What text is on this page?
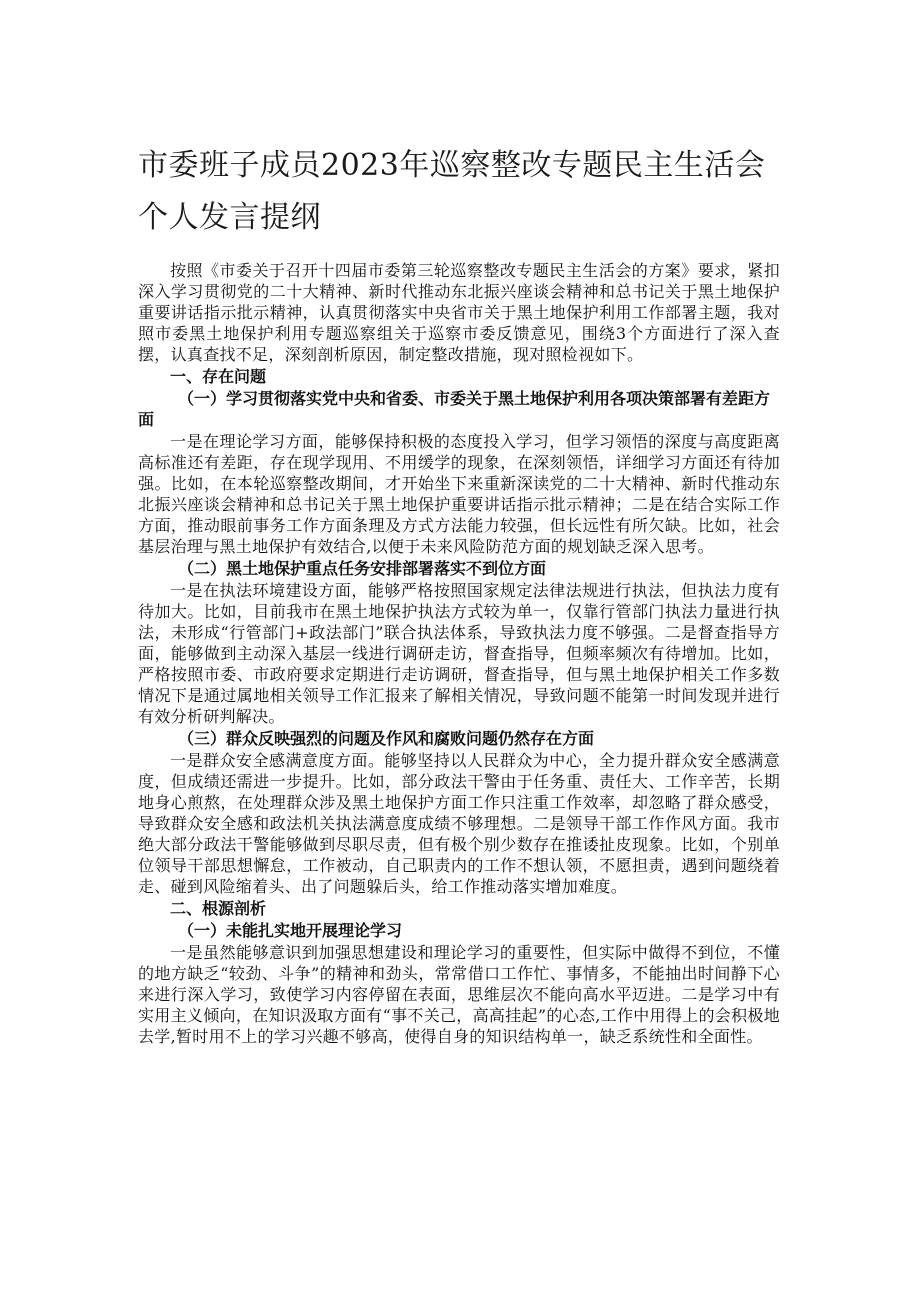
市委班子成员2023年巡察整改专题民主生活会个人发言提纲

按照《市委关于召开十四届市委第三轮巡察整改专题民主生活会的方案》要求，紧扣深入学习贯彻党的二十大精神、新时代推动东北振兴座谈会精神和总书记关于黑土地保护重要讲话指示批示精神，认真贯彻落实中央省市关于黑土地保护利用工作部署主题，我对照市委黑土地保护利用专题巡察组关于巡察市委反馈意见，围绕3个方面进行了深入查摆，认真查找不足，深刻剖析原因，制定整改措施，现对照检视如下。

一、存在问题

（一）学习贯彻落实党中央和省委、市委关于黑土地保护利用各项决策部署有差距方面

一是在理论学习方面，能够保持积极的态度投入学习，但学习领悟的深度与高度距离高标准还有差距，存在现学现用、不用缓学的现象，在深刻领悟，详细学习方面还有待加强。比如，在本轮巡察整改期间，才开始坐下来重新深读党的二十大精神、新时代推动东北振兴座谈会精神和总书记关于黑土地保护重要讲话指示批示精神；二是在结合实际工作方面，推动眼前事务工作方面条理及方式方法能力较强，但长远性有所欠缺。比如，社会基层治理与黑土地保护有效结合,以便于未来风险防范方面的规划缺乏深入思考。

（二）黑土地保护重点任务安排部署落实不到位方面

一是在执法环境建设方面，能够严格按照国家规定法律法规进行执法，但执法力度有待加大。比如，目前我市在黑土地保护执法方式较为单一，仅靠行管部门执法力量进行执法，未形成“行管部门+政法部门”联合执法体系，导致执法力度不够强。二是督查指导方面，能够做到主动深入基层一线进行调研走访，督查指导，但频率频次有待增加。比如，严格按照市委、市政府要求定期进行走访调研，督查指导，但与黑土地保护相关工作多数情况下是通过属地相关领导工作汇报来了解相关情况，导致问题不能第一时间发现并进行有效分析研判解决。

（三）群众反映强烈的问题及作风和腐败问题仍然存在方面

一是群众安全感满意度方面。能够坚持以人民群众为中心，全力提升群众安全感满意度，但成绩还需进一步提升。比如，部分政法干警由于任务重、责任大、工作辛苦，长期地身心煎熬，在处理群众涉及黑土地保护方面工作只注重工作效率，却忽略了群众感受，导致群众安全感和政法机关执法满意度成绩不够理想。二是领导干部工作作风方面。我市绝大部分政法干警能够做到尽职尽责，但有极个别少数存在推诿扯皮现象。比如，个别单位领导干部思想懈怠，工作被动，自己职责内的工作不想认领，不愿担责，遇到问题绕着走、碰到风险缩着头、出了问题躲后头，给工作推动落实增加难度。

二、根源剖析

（一）未能扎实地开展理论学习

一是虽然能够意识到加强思想建设和理论学习的重要性，但实际中做得不到位，不懂的地方缺乏“较劲、斗争”的精神和劲头，常常借口工作忙、事情多，不能抽出时间静下心来进行深入学习，致使学习内容停留在表面，思维层次不能向高水平迈进。二是学习中有实用主义倾向，在知识汲取方面有“事不关己，高高挂起”的心态,工作中用得上的会积极地去学,暂时用不上的学习兴趣不够高，使得自身的知识结构单一，缺乏系统性和全面性。
